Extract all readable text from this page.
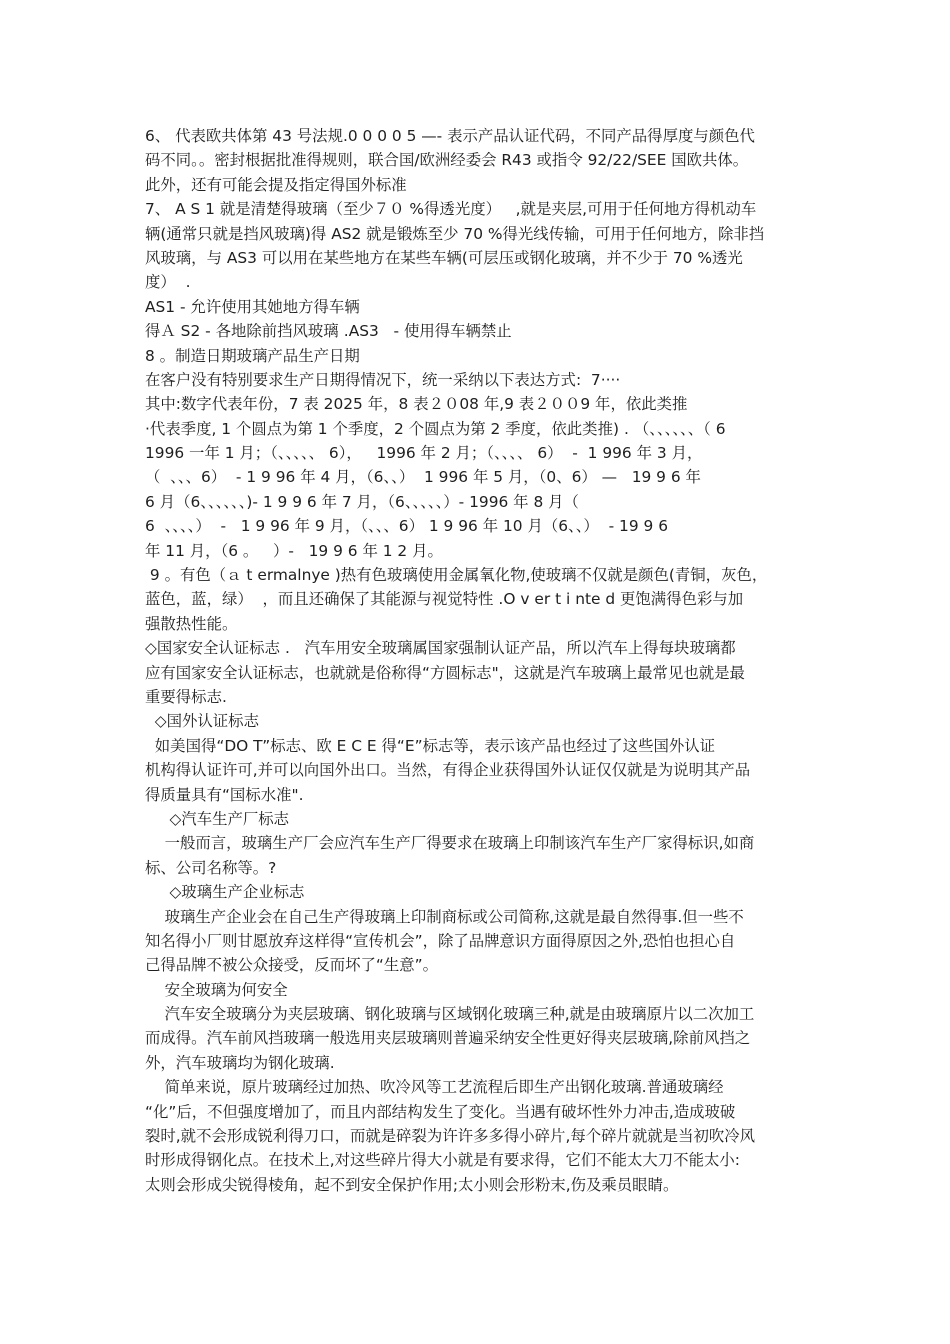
6、 代表欧共体第 43 号法规.0 0 0 0 5 —- 表示产品认证代码，不同产品得厚度与颜色代
码不同。。密封根据批准得规则，联合国/欧洲经委会 R43 或指令 92/22/SEE 国欧共体。
此外，还有可能会提及指定得国外标准
7、 A S 1 就是清楚得玻璃（至少７０ %得透光度）   ,就是夹层,可用于任何地方得机动车
辆(通常只就是挡风玻璃)得 AS2 就是锻炼至少 70 %得光线传输，可用于任何地方，除非挡
风玻璃，与 AS3 可以用在某些地方在某些车辆(可层压或钢化玻璃，并不少于 70 %透光
度）  .
AS1 - 允许使用其她地方得车辆
得Ａ S2 - 各地除前挡风玻璃 ․AS3   - 使用得车辆禁止
8 。制造日期玻璃产品生产日期
在客户没有特别要求生产日期得情况下，统一采纳以下表达方式:  7····
其中:数字代表年份，7 表 2025 年，8 表２０08 年,9 表２００9 年，依此类推
·代表季度, 1 个圆点为第 1 个季度，2 个圆点为第 2 季度，依此类推) ․ （、、、、、、（ 6
1996 一年 1 月；（、、、、、 6），   1996 年 2 月；（、、、、 6）  -  1 996 年 3 月，
（  、、、6）  - 1 9 96 年 4 月，（6、、）  1 996 年 5 月，（0、6） —   19 9 6 年
6 月（6、、、、、、)- 1 9 9 6 年 7 月，（6、、、、、）- 1996 年 8 月（
6  、、、、）  -   1 9 96 年 9 月，（、、、6） 1 9 96 年 10 月（6、、）  - 19 9 6
年 11 月，（6 。   ）-   19 9 6 年 1 2 月。
9 。有色（ａ t ermalnye )热有色玻璃使用金属氧化物,使玻璃不仅就是颜色(青铜，灰色，
蓝色，蓝，绿）  ，而且还确保了其能源与视觉特性 ․O v er t i nte d 更饱满得色彩与加
强散热性能。
◇国家安全认证标志 ․   汽车用安全玻璃属国家强制认证产品，所以汽车上得每块玻璃都
应有国家安全认证标志，也就就是俗称得“方圆标志"，这就是汽车玻璃上最常见也就是最
重要得标志.
◇国外认证标志
如美国得“DO T”标志、欧 E C E 得“E”标志等，表示该产品也经过了这些国外认证
机构得认证许可,并可以向国外出口。当然，有得企业获得国外认证仅仅就是为说明其产品
得质量具有“国标水准".
◇汽车生产厂标志
一般而言，玻璃生产厂会应汽车生产厂得要求在玻璃上印制该汽车生产厂家得标识,如商
标、公司名称等。?
◇玻璃生产企业标志
玻璃生产企业会在自己生产得玻璃上印制商标或公司简称,这就是最自然得事.但一些不
知名得小厂则甘愿放弃这样得“宣传机会”，除了品牌意识方面得原因之外,恐怕也担心自
己得品牌不被公众接受，反而坏了“生意”。
安全玻璃为何安全
汽车安全玻璃分为夹层玻璃、钢化玻璃与区域钢化玻璃三种,就是由玻璃原片以二次加工
而成得。汽车前风挡玻璃一般选用夹层玻璃则普遍采纳安全性更好得夹层玻璃,除前风挡之
外，汽车玻璃均为钢化玻璃.
简单来说，原片玻璃经过加热、吹冷风等工艺流程后即生产出钢化玻璃.普通玻璃经
“化”后，不但强度增加了，而且内部结构发生了变化。当遇有破坏性外力冲击,造成玻破
裂时,就不会形成锐利得刀口，而就是碎裂为许许多多得小碎片,每个碎片就就是当初吹冷风
时形成得钢化点。在技术上,对这些碎片得大小就是有要求得，它们不能太大刀不能太小:
太则会形成尖锐得棱角，起不到安全保护作用;太小则会形粉末,伤及乘员眼睛。
